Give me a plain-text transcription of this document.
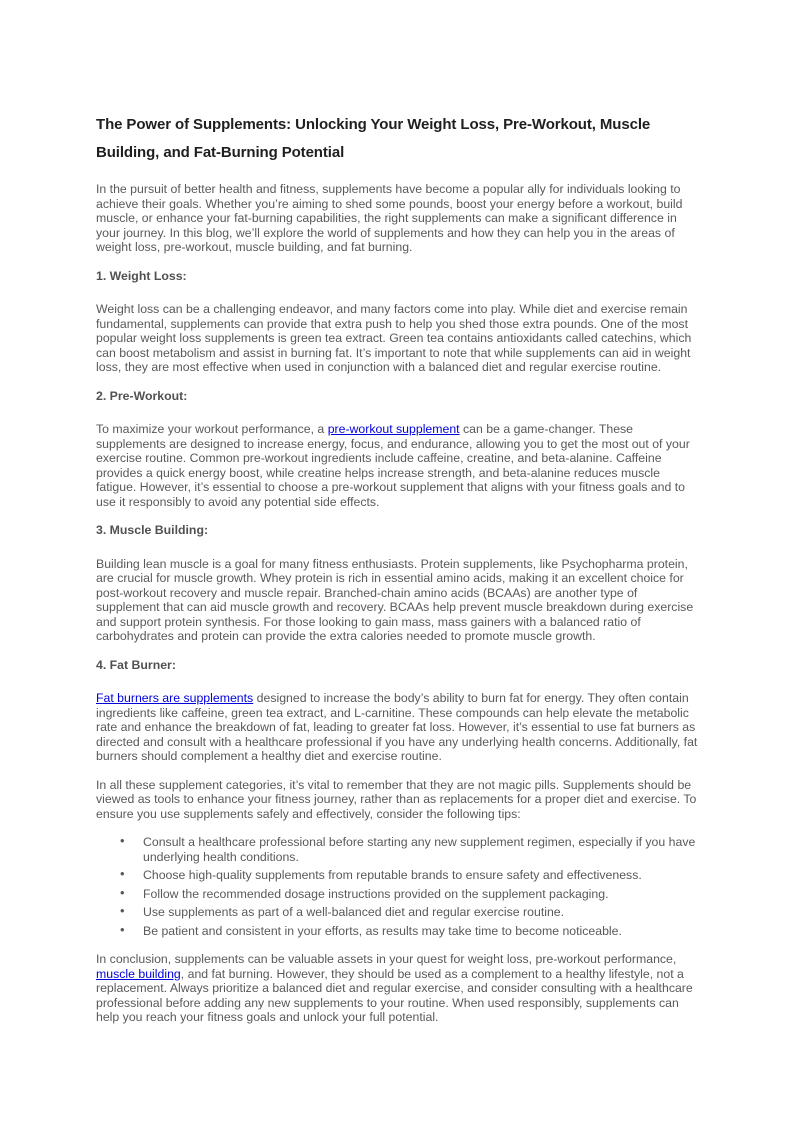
The Power of Supplements: Unlocking Your Weight Loss, Pre-Workout, Muscle Building, and Fat-Burning Potential

In the pursuit of better health and fitness, supplements have become a popular ally for individuals looking to achieve their goals. Whether you’re aiming to shed some pounds, boost your energy before a workout, build muscle, or enhance your fat-burning capabilities, the right supplements can make a significant difference in your journey. In this blog, we’ll explore the world of supplements and how they can help you in the areas of weight loss, pre-workout, muscle building, and fat burning.

1. Weight Loss:

Weight loss can be a challenging endeavor, and many factors come into play. While diet and exercise remain fundamental, supplements can provide that extra push to help you shed those extra pounds. One of the most popular weight loss supplements is green tea extract. Green tea contains antioxidants called catechins, which can boost metabolism and assist in burning fat. It’s important to note that while supplements can aid in weight loss, they are most effective when used in conjunction with a balanced diet and regular exercise routine.

2. Pre-Workout:

To maximize your workout performance, a pre-workout supplement can be a game-changer. These supplements are designed to increase energy, focus, and endurance, allowing you to get the most out of your exercise routine. Common pre-workout ingredients include caffeine, creatine, and beta-alanine. Caffeine provides a quick energy boost, while creatine helps increase strength, and beta-alanine reduces muscle fatigue. However, it’s essential to choose a pre-workout supplement that aligns with your fitness goals and to use it responsibly to avoid any potential side effects.

3. Muscle Building:

Building lean muscle is a goal for many fitness enthusiasts. Protein supplements, like Psychopharma protein, are crucial for muscle growth. Whey protein is rich in essential amino acids, making it an excellent choice for post-workout recovery and muscle repair. Branched-chain amino acids (BCAAs) are another type of supplement that can aid muscle growth and recovery. BCAAs help prevent muscle breakdown during exercise and support protein synthesis. For those looking to gain mass, mass gainers with a balanced ratio of carbohydrates and protein can provide the extra calories needed to promote muscle growth.

4. Fat Burner:

Fat burners are supplements designed to increase the body’s ability to burn fat for energy. They often contain ingredients like caffeine, green tea extract, and L-carnitine. These compounds can help elevate the metabolic rate and enhance the breakdown of fat, leading to greater fat loss. However, it’s essential to use fat burners as directed and consult with a healthcare professional if you have any underlying health concerns. Additionally, fat burners should complement a healthy diet and exercise routine.

In all these supplement categories, it’s vital to remember that they are not magic pills. Supplements should be viewed as tools to enhance your fitness journey, rather than as replacements for a proper diet and exercise. To ensure you use supplements safely and effectively, consider the following tips:

• Consult a healthcare professional before starting any new supplement regimen, especially if you have underlying health conditions.
• Choose high-quality supplements from reputable brands to ensure safety and effectiveness.
• Follow the recommended dosage instructions provided on the supplement packaging.
• Use supplements as part of a well-balanced diet and regular exercise routine.
• Be patient and consistent in your efforts, as results may take time to become noticeable.

In conclusion, supplements can be valuable assets in your quest for weight loss, pre-workout performance, muscle building, and fat burning. However, they should be used as a complement to a healthy lifestyle, not a replacement. Always prioritize a balanced diet and regular exercise, and consider consulting with a healthcare professional before adding any new supplements to your routine. When used responsibly, supplements can help you reach your fitness goals and unlock your full potential.
